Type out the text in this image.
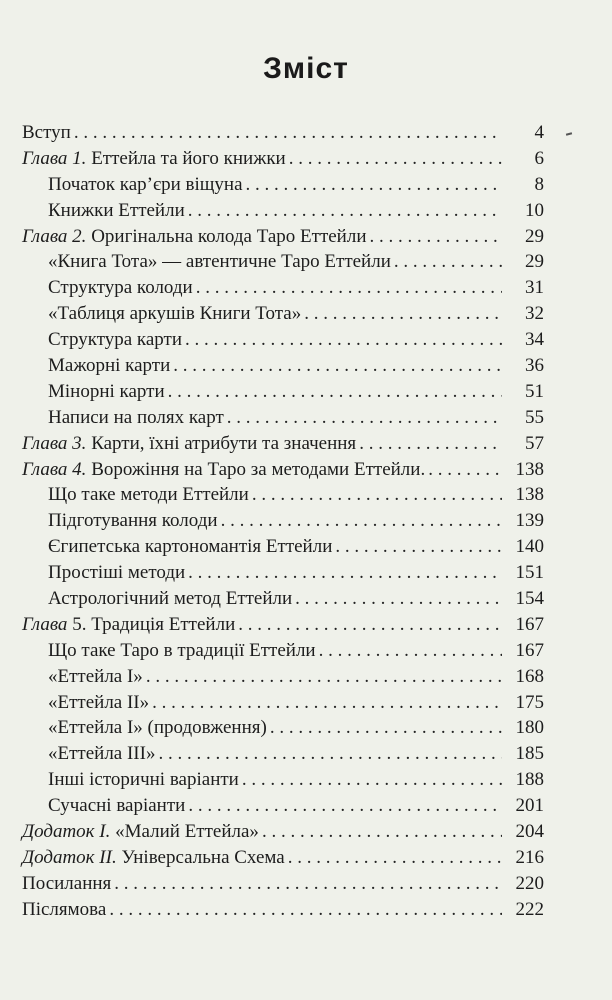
Зміст
Вступ . . .	4
Глава 1. Еттейла та його книжки . . .	6
Початок кар’єри віщуна . . .	8
Книжки Еттейли . . .	10
Глава 2. Оригінальна колода Таро Еттейли . . .	29
«Книга Тота» — автентичне Таро Еттейли . . .	29
Структура колоди . . .	31
«Таблиця аркушів Книги Тота» . . .	32
Структура карти . . .	34
Мажорні карти . . .	36
Мінорні карти . . .	51
Написи на полях карт . . .	55
Глава 3. Карти, їхні атрибути та значення . . .	57
Глава 4. Ворожіння на Таро за методами Еттейли. . . .	138
Що таке методи Еттейли . . .	138
Підготування колоди . . .	139
Єгипетська картономантія Еттейли . . .	140
Простіші методи . . .	151
Астрологічний метод Еттейли . . .	154
Глава 5. Традиція Еттейли . . .	167
Що таке Таро в традиції Еттейли . . .	167
«Еттейла І» . . .	168
«Еттейла ІІ» . . .	175
«Еттейла І» (продовження) . . .	180
«Еттейла ІІІ» . . .	185
Інші історичні варіанти . . .	188
Сучасні варіанти . . .	201
Додаток І. «Малий Еттейла» . . .	204
Додаток ІІ. Універсальна Схема . . .	216
Посилання . . .	220
Післямова . . .	222
